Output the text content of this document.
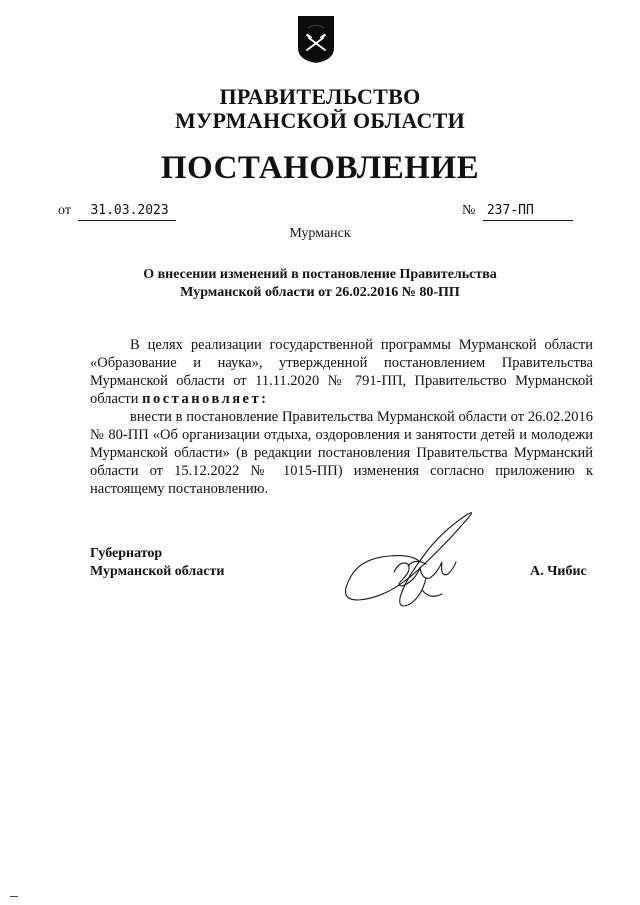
ПРАВИТЕЛЬСТВО
МУРМАНСКОЙ ОБЛАСТИ
ПОСТАНОВЛЕНИЕ
от 31.03.2023	№ 237-ПП
Мурманск
О внесении изменений в постановление Правительства
Мурманской области от 26.02.2016 № 80-ПП

В целях реализации государственной программы Мурманской области «Образование и наука», утвержденной постановлением Правительства Мурманской области от 11.11.2020 № 791-ПП, Правительство Мурманской области постановляет:

внести в постановление Правительства Мурманской области от 26.02.2016 № 80-ПП «Об организации отдыха, оздоровления и занятости детей и молодежи Мурманской области» (в редакции постановления Правительства Мурманский области от 15.12.2022 № 1015-ПП) изменения согласно приложению к настоящему постановлению.

Губернатор
Мурманской области	А. Чибис
